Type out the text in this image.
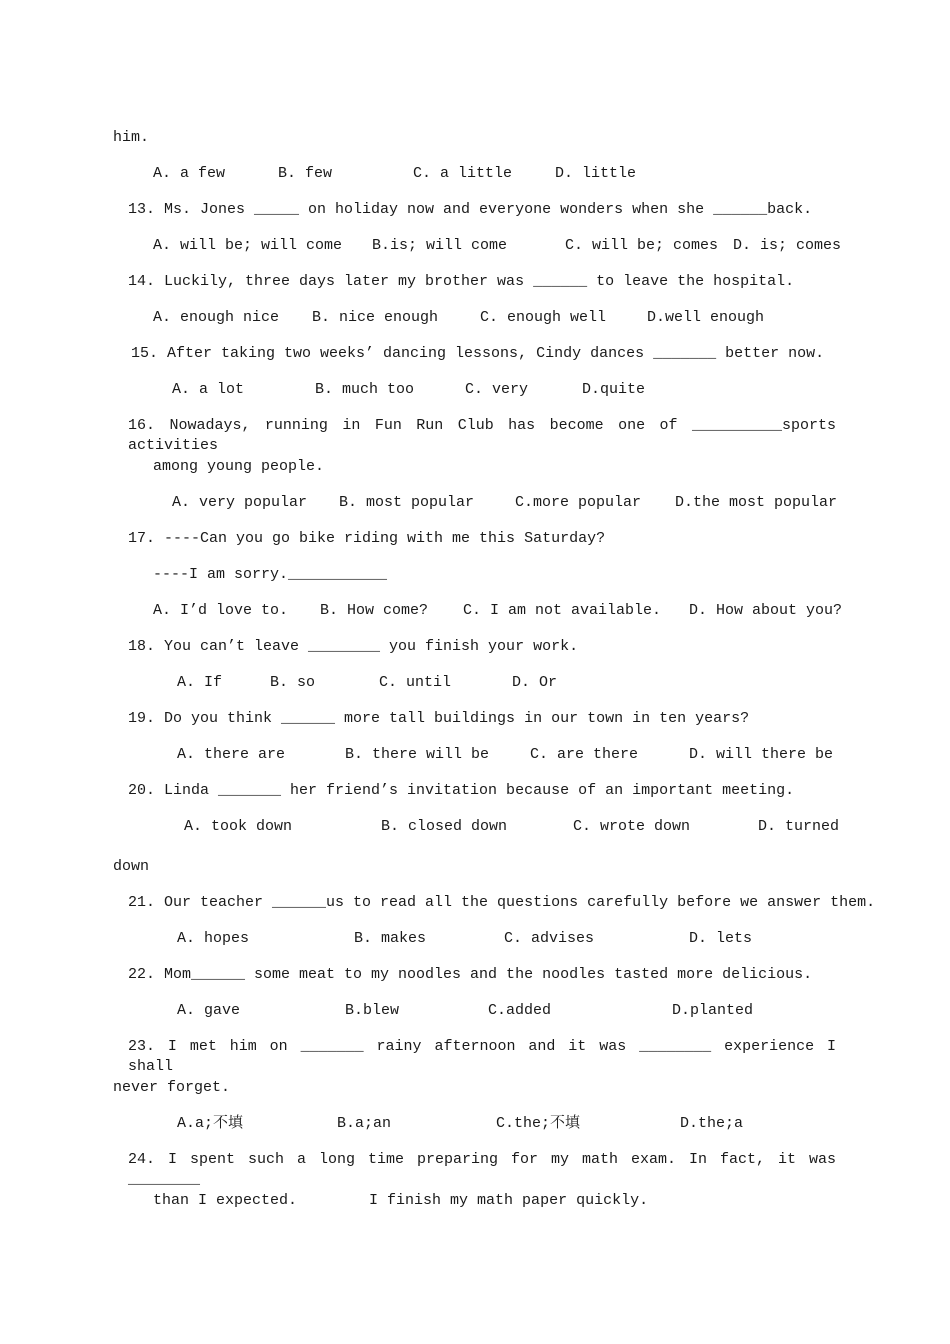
him.
A. a few	B. few	C. a little	D. little
13. Ms. Jones _____ on holiday now and everyone wonders when she ______back.
A. will be; will come B.is; will come	C. will be; comes D. is; comes
14. Luckily, three days later my brother was ______ to leave the hospital.
A. enough nice B. nice enough	C. enough well	D.well enough
15. After taking two weeks’ dancing lessons, Cindy dances _______ better now.
A. a lot	B. much too	C. very	D.quite
16. Nowadays, running in Fun Run Club has become one of __________sports activities
among young people.
A. very popular B. most popular	C.more popular D.the most popular
17. ----Can you go bike riding with me this Saturday?
----I am sorry.___________
A. I’d love to. B. How come? C. I am not available. D. How about you?
18. You can’t leave ________ you finish your work.
A. If	B. so	C. until	D. Or
19. Do you think ______ more tall buildings in our town in ten years?
A. there are	B. there will be	C. are there	D. will there be
20. Linda _______ her friend’s invitation because of an important meeting.
A. took down	B. closed down	C. wrote down	D. turned
down
21. Our teacher ______us to read all the questions carefully before we answer them.
A. hopes	B. makes	C. advises	D. lets
22. Mom______ some meat to my noodles and the noodles tasted more delicious.
A. gave	B.blew	C.added	D.planted
23. I met him on _______ rainy afternoon and it was ________ experience I shall
never forget.
A.a;不填	B.a;an	C.the;不填	D.the;a
24. I spent such a long time preparing for my math exam. In fact, it was ________
than I expected.        I finish my math paper quickly.
